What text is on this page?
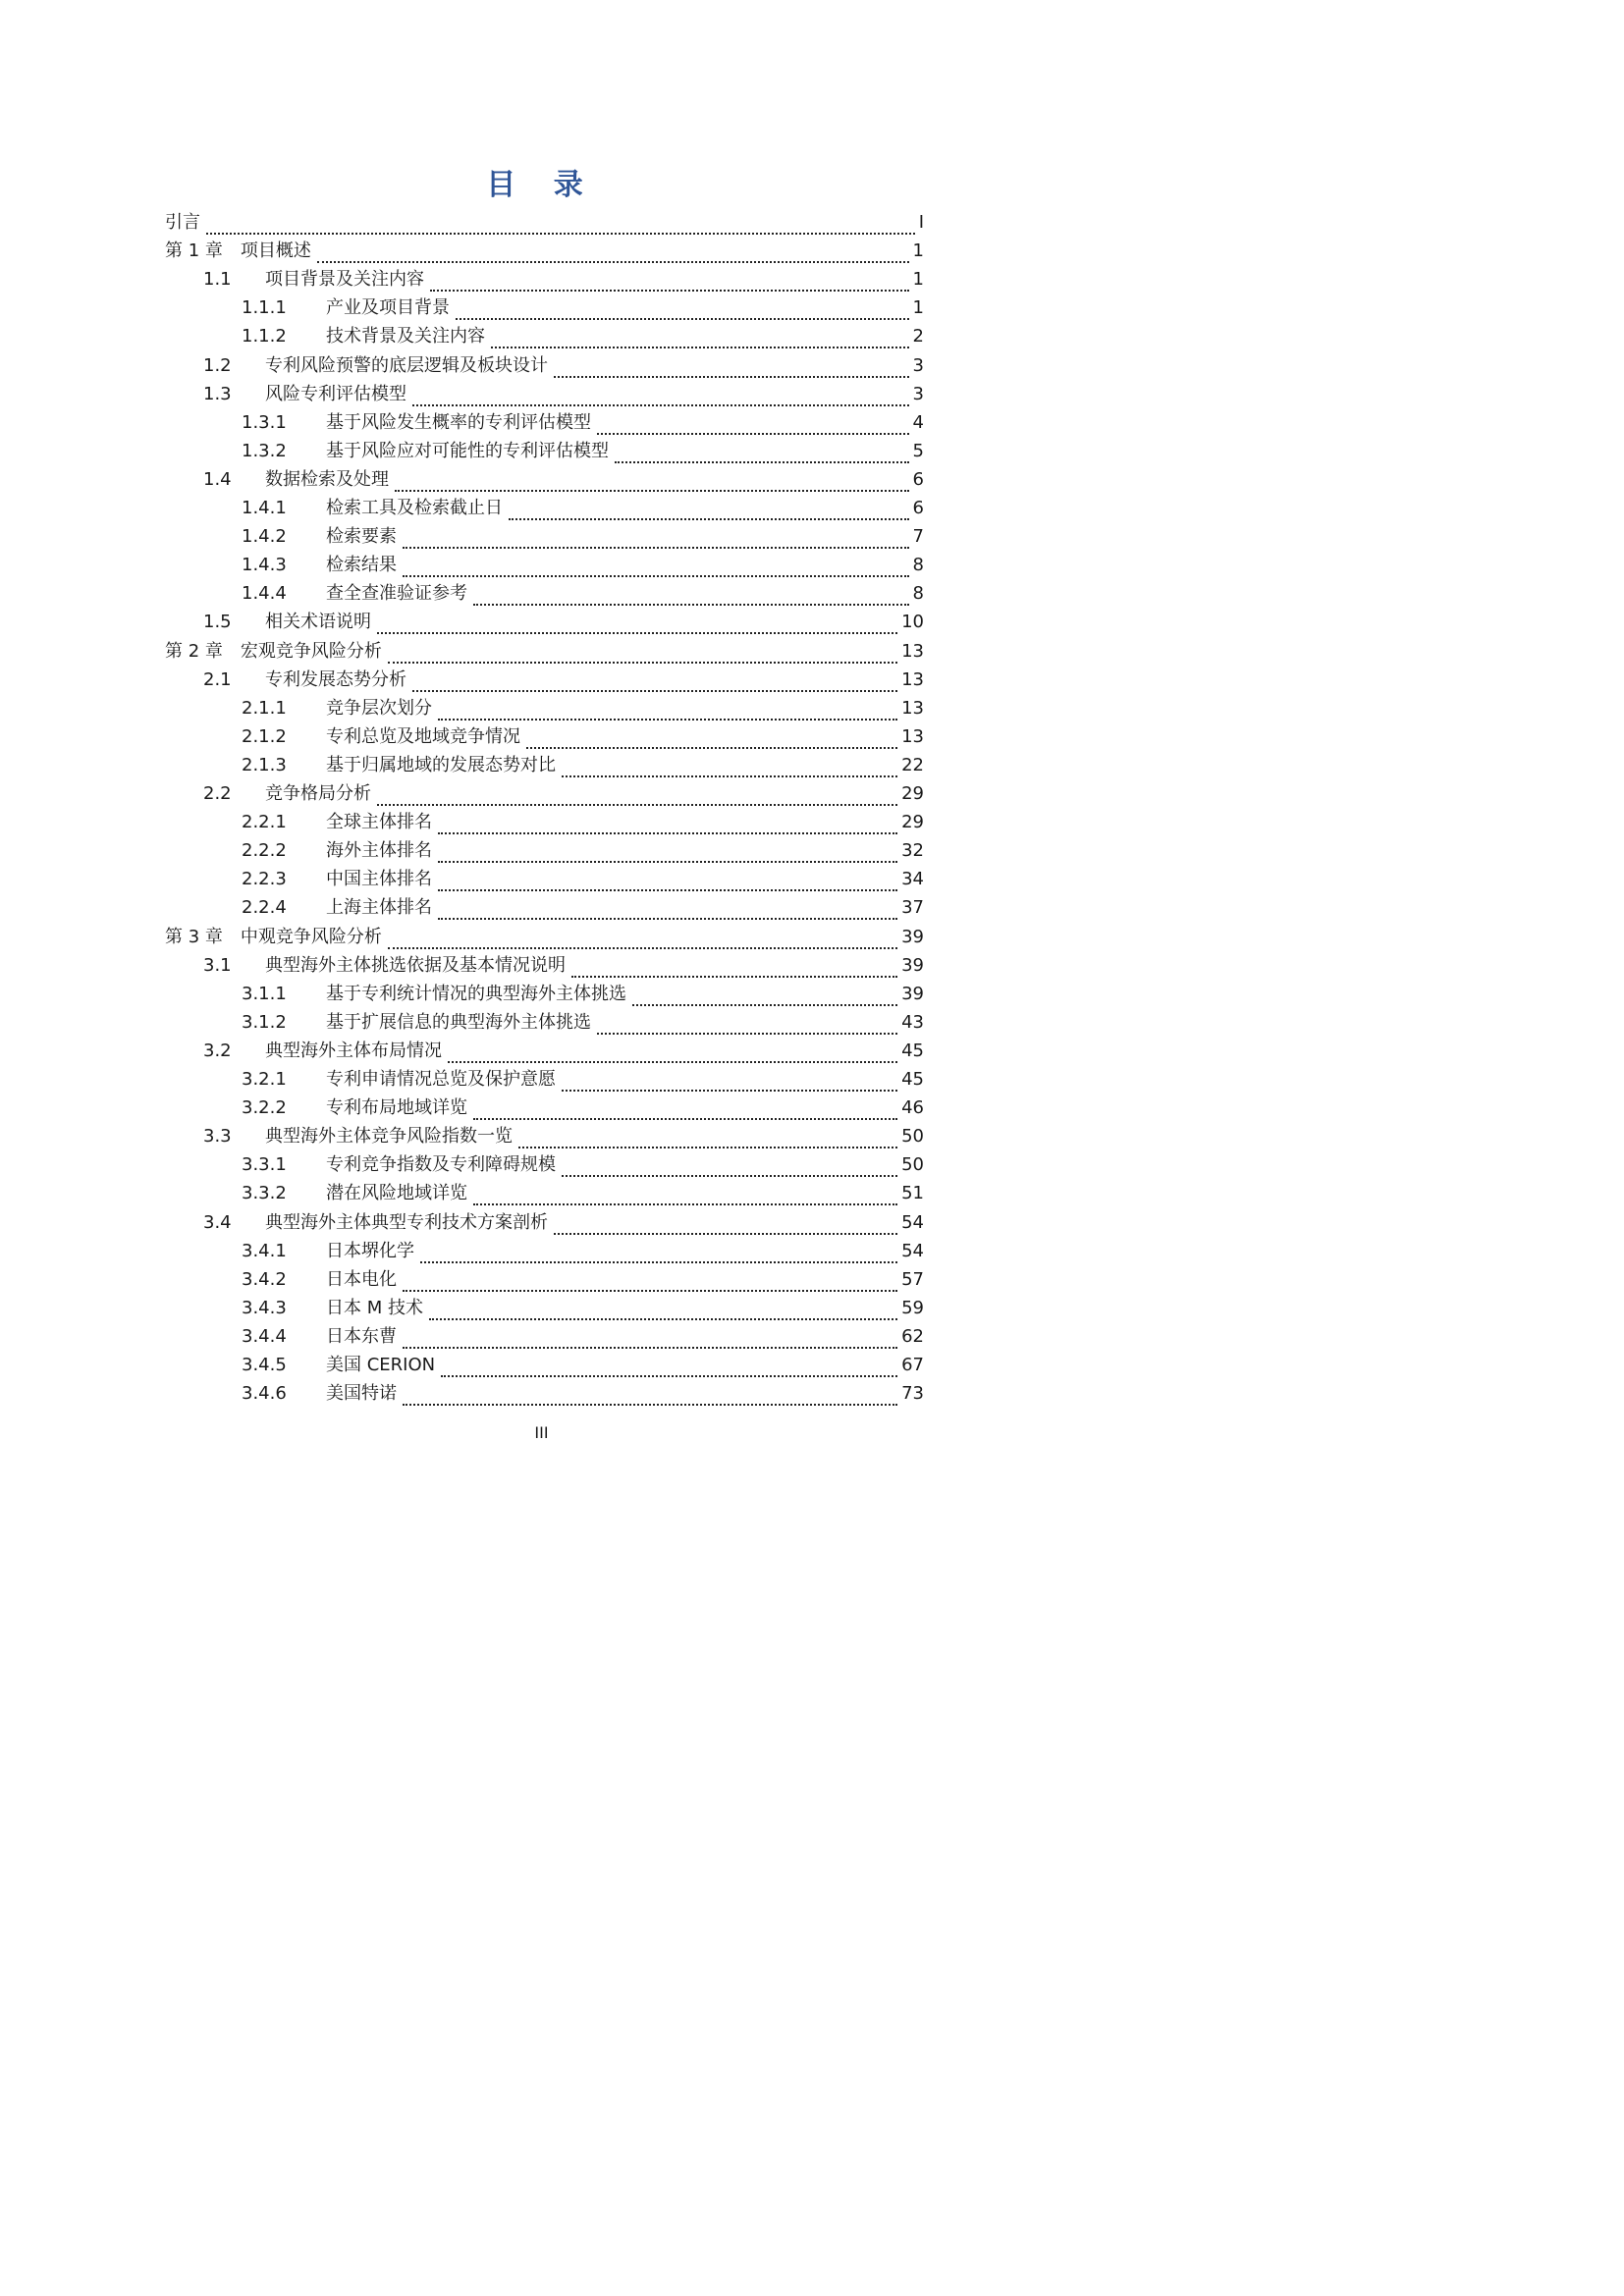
目 录
引言	I
第 1 章　项目概述	1
1.1 项目背景及关注内容	1
1.1.1 产业及项目背景	1
1.1.2 技术背景及关注内容	2
1.2 专利风险预警的底层逻辑及板块设计	3
1.3 风险专利评估模型	3
1.3.1 基于风险发生概率的专利评估模型	4
1.3.2 基于风险应对可能性的专利评估模型	5
1.4 数据检索及处理	6
1.4.1 检索工具及检索截止日	6
1.4.2 检索要素	7
1.4.3 检索结果	8
1.4.4 查全查准验证参考	8
1.5 相关术语说明	10
第 2 章　宏观竞争风险分析	13
2.1 专利发展态势分析	13
2.1.1 竞争层次划分	13
2.1.2 专利总览及地域竞争情况	13
2.1.3 基于归属地域的发展态势对比	22
2.2 竞争格局分析	29
2.2.1 全球主体排名	29
2.2.2 海外主体排名	32
2.2.3 中国主体排名	34
2.2.4 上海主体排名	37
第 3 章　中观竞争风险分析	39
3.1 典型海外主体挑选依据及基本情况说明	39
3.1.1 基于专利统计情况的典型海外主体挑选	39
3.1.2 基于扩展信息的典型海外主体挑选	43
3.2 典型海外主体布局情况	45
3.2.1 专利申请情况总览及保护意愿	45
3.2.2 专利布局地域详览	46
3.3 典型海外主体竞争风险指数一览	50
3.3.1 专利竞争指数及专利障碍规模	50
3.3.2 潜在风险地域详览	51
3.4 典型海外主体典型专利技术方案剖析	54
3.4.1 日本堺化学	54
3.4.2 日本电化	57
3.4.3 日本 M 技术	59
3.4.4 日本东曹	62
3.4.5 美国 CERION	67
3.4.6 美国特诺	73
III
